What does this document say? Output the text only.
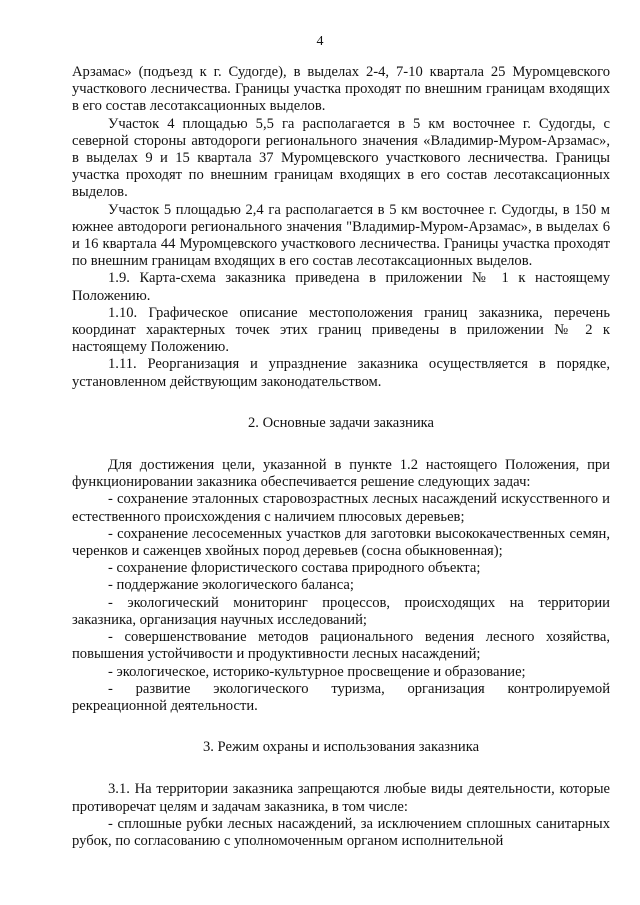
4

Арзамас» (подъезд к г. Судогде), в выделах 2-4, 7-10 квартала 25 Муромцевского участкового лесничества. Границы участка проходят по внешним границам входящих в его состав лесотаксационных выделов.

Участок 4 площадью 5,5 га располагается в 5 км восточнее г. Судогды, с северной стороны автодороги регионального значения «Владимир-Муром-Арзамас», в выделах 9 и 15 квартала 37 Муромцевского участкового лесничества. Границы участка проходят по внешним границам входящих в его состав лесотаксационных выделов.

Участок 5 площадью 2,4 га располагается в 5 км восточнее г. Судогды, в 150 м южнее автодороги регионального значения "Владимир-Муром-Арзамас», в выделах 6 и 16 квартала 44 Муромцевского участкового лесничества. Границы участка проходят по внешним границам входящих в его состав лесотаксационных выделов.

1.9. Карта-схема заказника приведена в приложении № 1 к настоящему Положению.

1.10. Графическое описание местоположения границ заказника, перечень координат характерных точек этих границ приведены в приложении № 2 к настоящему Положению.

1.11. Реорганизация и упразднение заказника осуществляется в порядке, установленном действующим законодательством.

2. Основные задачи заказника

Для достижения цели, указанной в пункте 1.2 настоящего Положения, при функционировании заказника обеспечивается решение следующих задач:

- сохранение эталонных старовозрастных лесных насаждений искусственного и естественного происхождения с наличием плюсовых деревьев;

- сохранение лесосеменных участков для заготовки высококачественных семян, черенков и саженцев хвойных пород деревьев (сосна обыкновенная);

- сохранение флористического состава природного объекта;

- поддержание экологического баланса;

- экологический мониторинг процессов, происходящих на территории заказника, организация научных исследований;

- совершенствование методов рационального ведения лесного хозяйства, повышения устойчивости и продуктивности лесных насаждений;

- экологическое, историко-культурное просвещение и образование;

- развитие экологического туризма, организация контролируемой рекреационной деятельности.

3. Режим охраны и использования заказника

3.1. На территории заказника запрещаются любые виды деятельности, которые противоречат целям и задачам заказника, в том числе:

- сплошные рубки лесных насаждений, за исключением сплошных санитарных рубок, по согласованию с уполномоченным органом исполнительной
